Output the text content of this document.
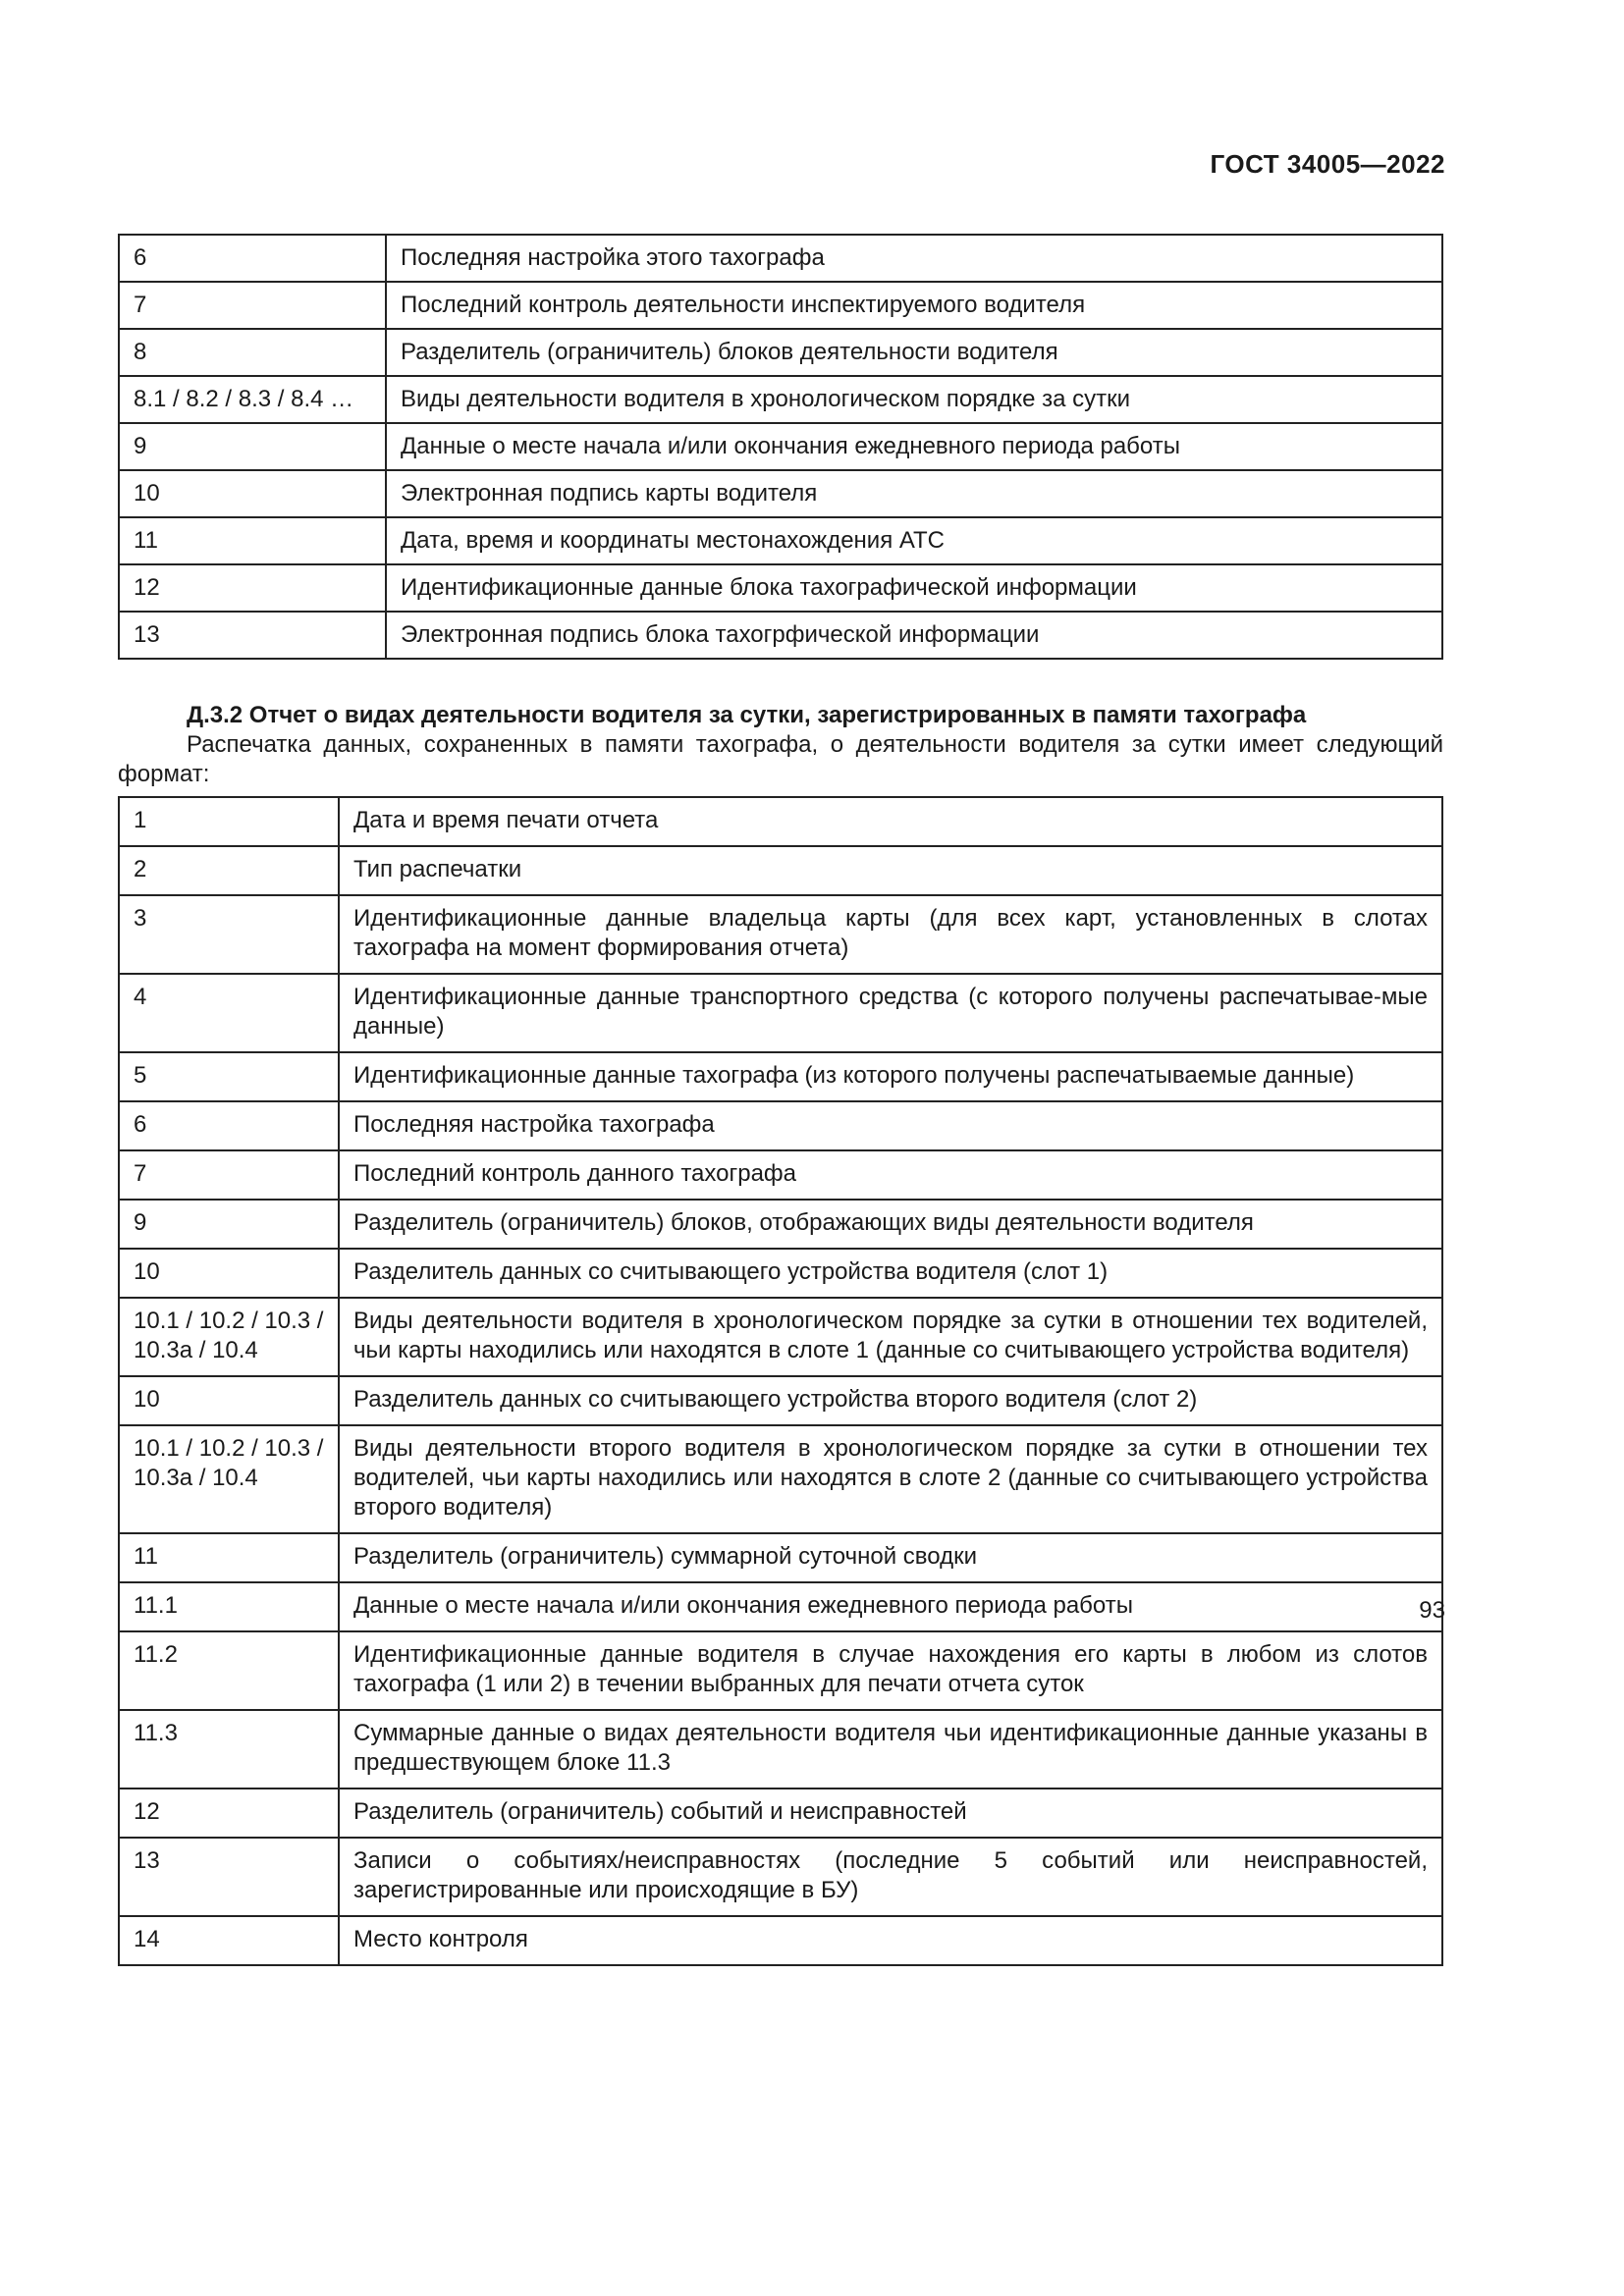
ГОСТ 34005—2022
6	Последняя настройка этого тахографа
7	Последний контроль деятельности инспектируемого водителя
8	Разделитель (ограничитель) блоков деятельности водителя
8.1 / 8.2 / 8.3 / 8.4 …	Виды деятельности водителя в хронологическом порядке за сутки
9	Данные о месте начала и/или окончания ежедневного периода работы
10	Электронная подпись карты водителя
11	Дата, время и координаты местонахождения АТС
12	Идентификационные данные блока тахографической информации
13	Электронная подпись блока тахогрфической информации
Д.3.2 Отчет о видах деятельности водителя за сутки, зарегистрированных в памяти тахографа
Распечатка данных, сохраненных в памяти тахографа, о деятельности водителя за сутки имеет следующий формат:
1	Дата и время печати отчета
2	Тип распечатки
3	Идентификационные данные владельца карты (для всех карт, установленных в слотах тахографа на момент формирования отчета)
4	Идентификационные данные транспортного средства (с которого получены распечатывае-мые данные)
5	Идентификационные данные тахографа (из которого получены распечатываемые данные)
6	Последняя настройка тахографа
7	Последний контроль данного тахографа
9	Разделитель (ограничитель) блоков, отображающих виды деятельности водителя
10	Разделитель данных со считывающего устройства водителя (слот 1)
10.1 / 10.2 / 10.3 / 10.3а / 10.4	Виды деятельности водителя в хронологическом порядке за сутки в отношении тех водителей, чьи карты находились или находятся в слоте 1 (данные со считывающего устройства водителя)
10	Разделитель данных со считывающего устройства второго водителя (слот 2)
10.1 / 10.2 / 10.3 / 10.3а / 10.4	Виды деятельности второго водителя в хронологическом порядке за сутки в отношении тех водителей, чьи карты находились или находятся в слоте 2 (данные со считывающего устройства второго водителя)
11	Разделитель (ограничитель) суммарной суточной сводки
11.1	Данные о месте начала и/или окончания ежедневного периода работы
11.2	Идентификационные данные водителя в случае нахождения его карты в любом из слотов тахографа (1 или 2) в течении выбранных для печати отчета суток
11.3	Суммарные данные о видах деятельности водителя чьи идентификационные данные указаны в предшествующем блоке 11.3
12	Разделитель (ограничитель) событий и неисправностей
13	Записи о событиях/неисправностях (последние 5 событий или неисправностей, зарегистрированные или происходящие в БУ)
14	Место контроля
93
